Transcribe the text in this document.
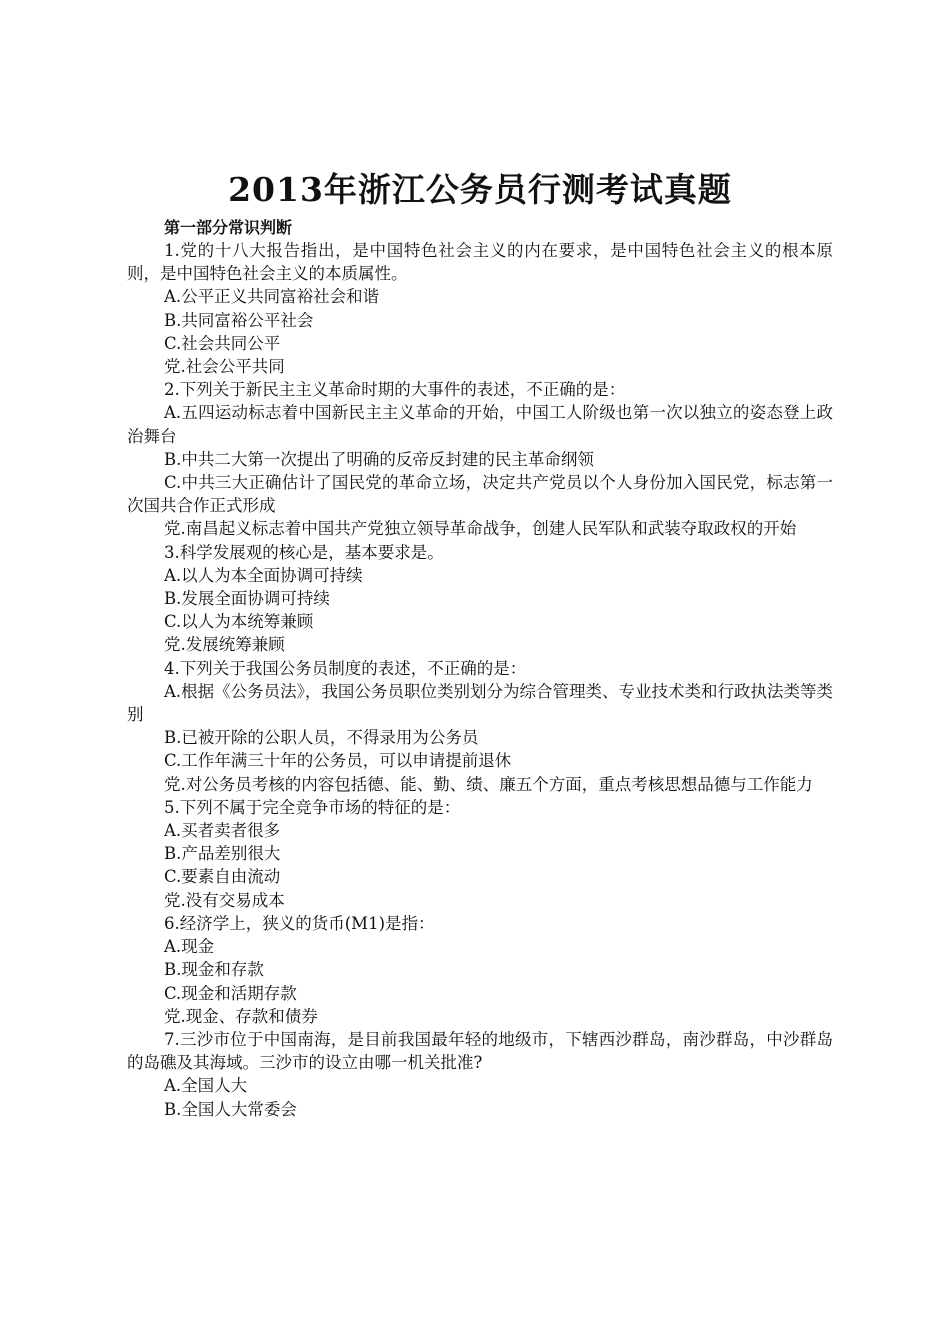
2013年浙江公务员行测考试真题

第一部分常识判断

1.党的十八大报告指出，是中国特色社会主义的内在要求，是中国特色社会主义的根本原则，是中国特色社会主义的本质属性。

A.公平正义共同富裕社会和谐

B.共同富裕公平社会

C.社会共同公平

党.社会公平共同

2.下列关于新民主主义革命时期的大事件的表述，不正确的是：

A.五四运动标志着中国新民主主义革命的开始，中国工人阶级也第一次以独立的姿态登上政治舞台

B.中共二大第一次提出了明确的反帝反封建的民主革命纲领

C.中共三大正确估计了国民党的革命立场，决定共产党员以个人身份加入国民党，标志第一次国共合作正式形成

党.南昌起义标志着中国共产党独立领导革命战争，创建人民军队和武装夺取政权的开始

3.科学发展观的核心是，基本要求是。

A.以人为本全面协调可持续

B.发展全面协调可持续

C.以人为本统筹兼顾

党.发展统筹兼顾

4.下列关于我国公务员制度的表述，不正确的是：

A.根据《公务员法》，我国公务员职位类别划分为综合管理类、专业技术类和行政执法类等类别

B.已被开除的公职人员，不得录用为公务员

C.工作年满三十年的公务员，可以申请提前退休

党.对公务员考核的内容包括德、能、勤、绩、廉五个方面，重点考核思想品德与工作能力

5.下列不属于完全竞争市场的特征的是：

A.买者卖者很多

B.产品差别很大

C.要素自由流动

党.没有交易成本

6.经济学上，狭义的货币(M1)是指：

A.现金

B.现金和存款

C.现金和活期存款

党.现金、存款和债券

7.三沙市位于中国南海，是目前我国最年轻的地级市，下辖西沙群岛，南沙群岛，中沙群岛的岛礁及其海域。三沙市的设立由哪一机关批准?

A.全国人大

B.全国人大常委会
